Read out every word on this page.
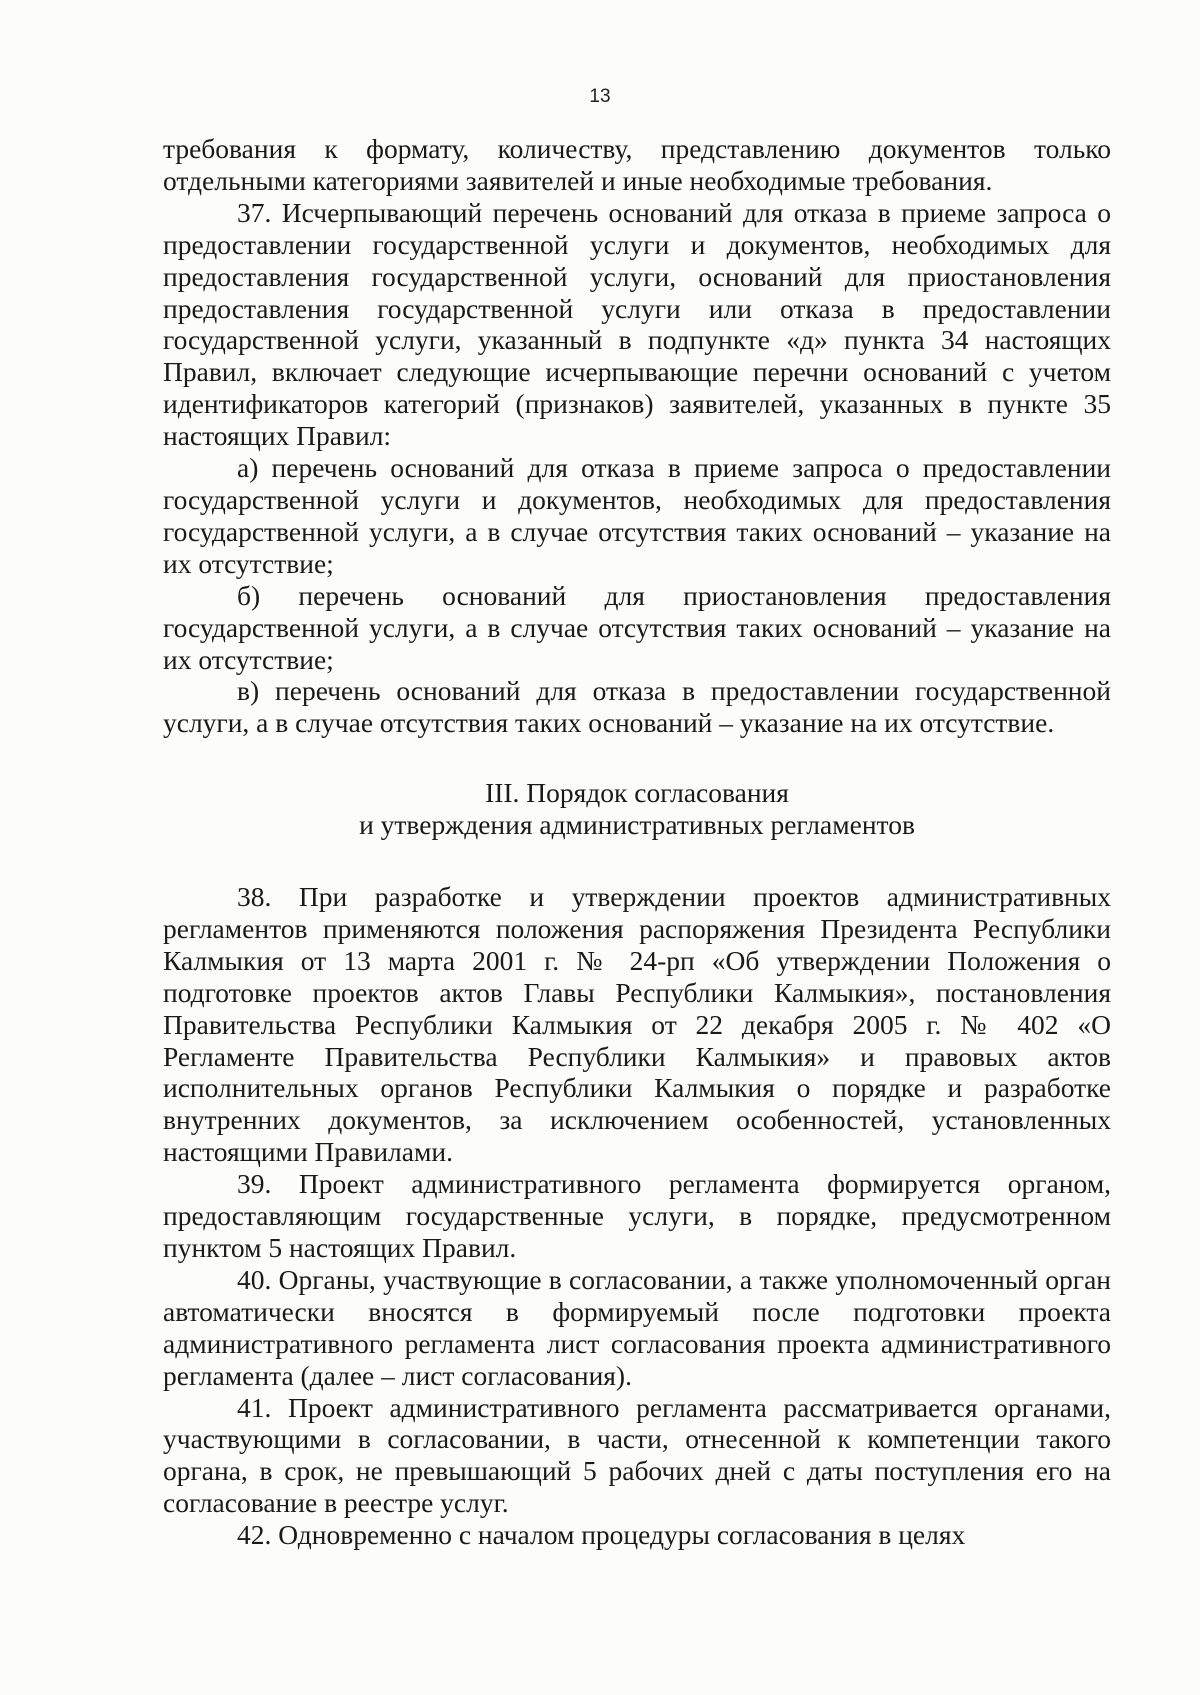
13

требования к формату, количеству, представлению документов только отдельными категориями заявителей и иные необходимые требования.

37. Исчерпывающий перечень оснований для отказа в приеме запроса о предоставлении государственной услуги и документов, необходимых для предоставления государственной услуги, оснований для приостановления предоставления государственной услуги или отказа в предоставлении государственной услуги, указанный в подпункте «д» пункта 34 настоящих Правил, включает следующие исчерпывающие перечни оснований с учетом идентификаторов категорий (признаков) заявителей, указанных в пункте 35 настоящих Правил:

а) перечень оснований для отказа в приеме запроса о предоставлении государственной услуги и документов, необходимых для предоставления государственной услуги, а в случае отсутствия таких оснований – указание на их отсутствие;

б) перечень оснований для приостановления предоставления государственной услуги, а в случае отсутствия таких оснований – указание на их отсутствие;

в) перечень оснований для отказа в предоставлении государственной услуги, а в случае отсутствия таких оснований – указание на их отсутствие.

III. Порядок согласования
и утверждения административных регламентов

38. При разработке и утверждении проектов административных регламентов применяются положения распоряжения Президента Республики Калмыкия от 13 марта 2001 г. № 24-рп «Об утверждении Положения о подготовке проектов актов Главы Республики Калмыкия», постановления Правительства Республики Калмыкия от 22 декабря 2005 г. № 402 «О Регламенте Правительства Республики Калмыкия» и правовых актов исполнительных органов Республики Калмыкия о порядке и разработке внутренних документов, за исключением особенностей, установленных настоящими Правилами.

39. Проект административного регламента формируется органом, предоставляющим государственные услуги, в порядке, предусмотренном пунктом 5 настоящих Правил.

40. Органы, участвующие в согласовании, а также уполномоченный орган автоматически вносятся в формируемый после подготовки проекта административного регламента лист согласования проекта административного регламента (далее – лист согласования).

41. Проект административного регламента рассматривается органами, участвующими в согласовании, в части, отнесенной к компетенции такого органа, в срок, не превышающий 5 рабочих дней с даты поступления его на согласование в реестре услуг.

42. Одновременно с началом процедуры согласования в целях
